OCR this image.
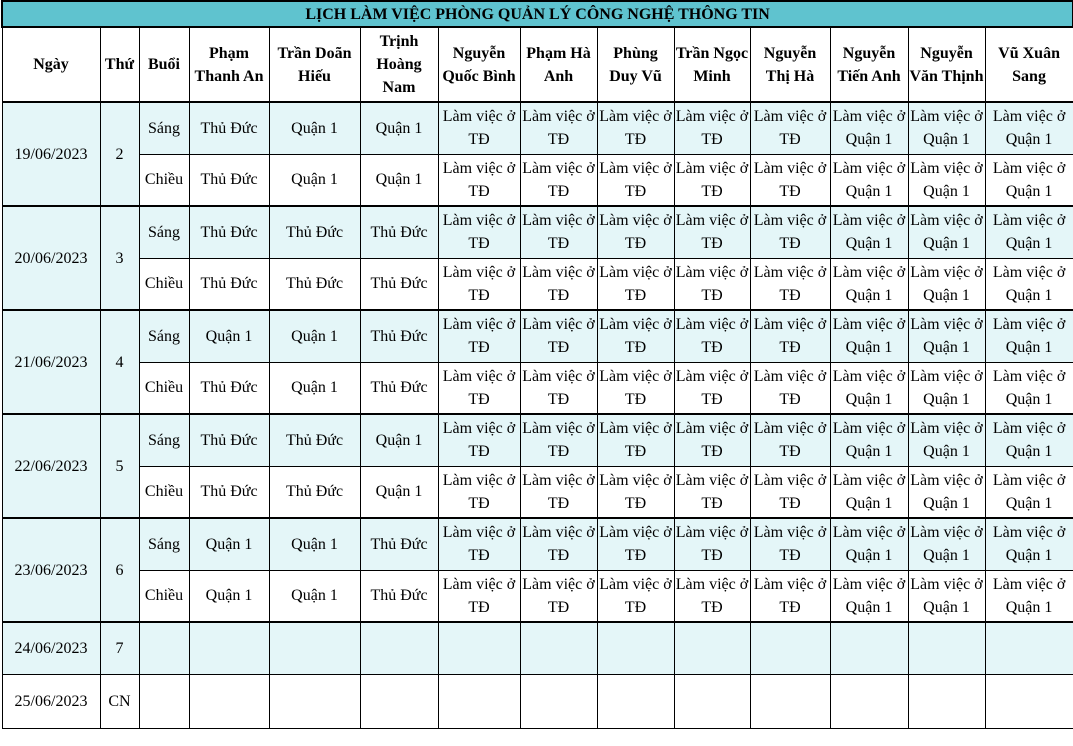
LỊCH LÀM VIỆC PHÒNG QUẢN LÝ CÔNG NGHỆ THÔNG TIN													
Ngày	Thứ	Buổi	Phạm Thanh An	Trần Doãn Hiếu	Trịnh Hoàng Nam	Nguyễn Quốc Bình	Phạm Hà Anh	Phùng Duy Vũ	Trần Ngọc Minh	Nguyễn Thị Hà	Nguyễn Tiến Anh	Nguyễn Văn Thịnh	Vũ Xuân Sang
19/06/2023	2	Sáng	Thủ Đức	Quận 1	Quận 1	Làm việc ở TĐ	Làm việc ở TĐ	Làm việc ở TĐ	Làm việc ở TĐ	Làm việc ở TĐ	Làm việc ở Quận 1	Làm việc ở Quận 1	Làm việc ở Quận 1
		Chiều	Thủ Đức	Quận 1	Quận 1	Làm việc ở TĐ	Làm việc ở TĐ	Làm việc ở TĐ	Làm việc ở TĐ	Làm việc ở TĐ	Làm việc ở Quận 1	Làm việc ở Quận 1	Làm việc ở Quận 1
20/06/2023	3	Sáng	Thủ Đức	Thủ Đức	Thủ Đức	Làm việc ở TĐ	Làm việc ở TĐ	Làm việc ở TĐ	Làm việc ở TĐ	Làm việc ở TĐ	Làm việc ở Quận 1	Làm việc ở Quận 1	Làm việc ở Quận 1
		Chiều	Thủ Đức	Thủ Đức	Thủ Đức	Làm việc ở TĐ	Làm việc ở TĐ	Làm việc ở TĐ	Làm việc ở TĐ	Làm việc ở TĐ	Làm việc ở Quận 1	Làm việc ở Quận 1	Làm việc ở Quận 1
21/06/2023	4	Sáng	Quận 1	Quận 1	Thủ Đức	Làm việc ở TĐ	Làm việc ở TĐ	Làm việc ở TĐ	Làm việc ở TĐ	Làm việc ở TĐ	Làm việc ở Quận 1	Làm việc ở Quận 1	Làm việc ở Quận 1
		Chiều	Thủ Đức	Quận 1	Thủ Đức	Làm việc ở TĐ	Làm việc ở TĐ	Làm việc ở TĐ	Làm việc ở TĐ	Làm việc ở TĐ	Làm việc ở Quận 1	Làm việc ở Quận 1	Làm việc ở Quận 1
22/06/2023	5	Sáng	Thủ Đức	Thủ Đức	Quận 1	Làm việc ở TĐ	Làm việc ở TĐ	Làm việc ở TĐ	Làm việc ở TĐ	Làm việc ở TĐ	Làm việc ở Quận 1	Làm việc ở Quận 1	Làm việc ở Quận 1
		Chiều	Thủ Đức	Thủ Đức	Quận 1	Làm việc ở TĐ	Làm việc ở TĐ	Làm việc ở TĐ	Làm việc ở TĐ	Làm việc ở TĐ	Làm việc ở Quận 1	Làm việc ở Quận 1	Làm việc ở Quận 1
23/06/2023	6	Sáng	Quận 1	Quận 1	Thủ Đức	Làm việc ở TĐ	Làm việc ở TĐ	Làm việc ở TĐ	Làm việc ở TĐ	Làm việc ở TĐ	Làm việc ở Quận 1	Làm việc ở Quận 1	Làm việc ở Quận 1
		Chiều	Quận 1	Quận 1	Thủ Đức	Làm việc ở TĐ	Làm việc ở TĐ	Làm việc ở TĐ	Làm việc ở TĐ	Làm việc ở TĐ	Làm việc ở Quận 1	Làm việc ở Quận 1	Làm việc ở Quận 1
24/06/2023	7												
25/06/2023	CN												
